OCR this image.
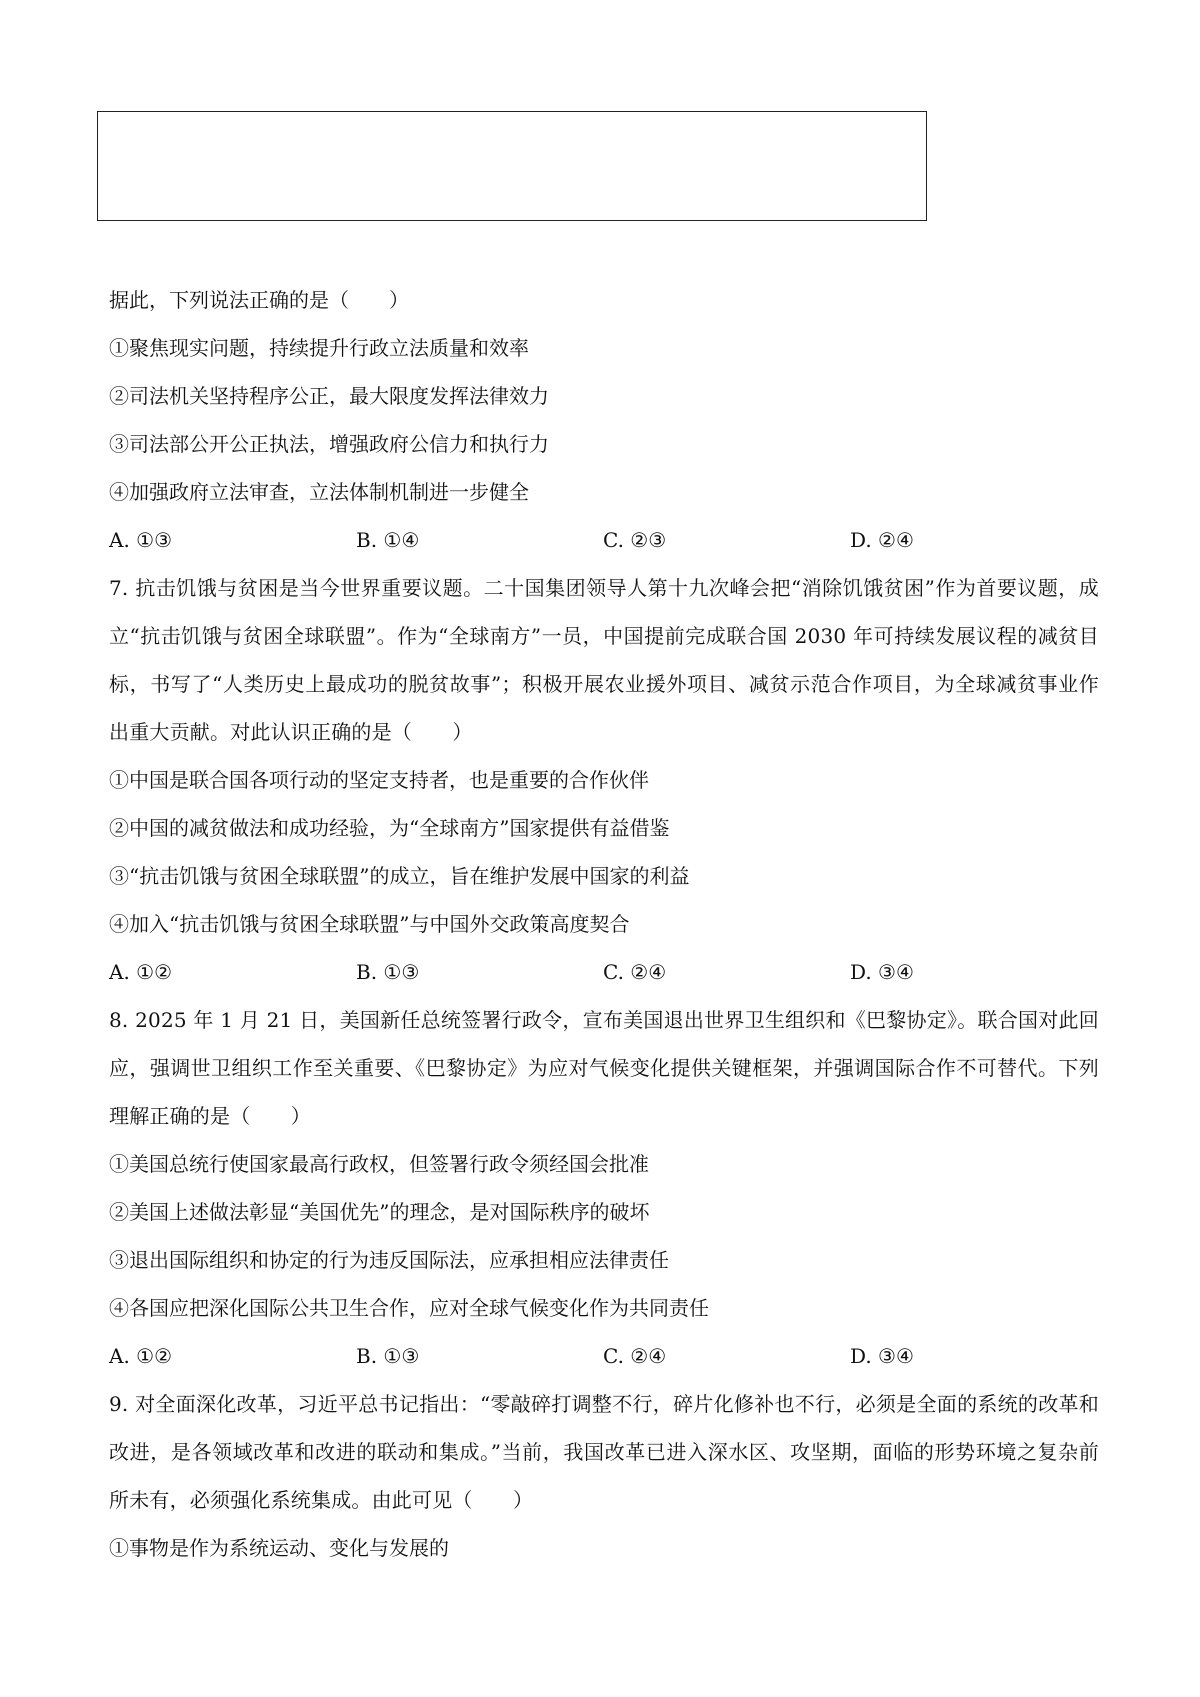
据此，下列说法正确的是（　　）
①聚焦现实问题，持续提升行政立法质量和效率
②司法机关坚持程序公正，最大限度发挥法律效力
③司法部公开公正执法，增强政府公信力和执行力
④加强政府立法审查，立法体制机制进一步健全
A. ①③	B. ①④	C. ②③	D. ②④
7. 抗击饥饿与贫困是当今世界重要议题。二十国集团领导人第十九次峰会把“消除饥饿贫困”作为首要议题，成立“抗击饥饿与贫困全球联盟”。作为“全球南方”一员，中国提前完成联合国 2030 年可持续发展议程的减贫目标，书写了“人类历史上最成功的脱贫故事”；积极开展农业援外项目、减贫示范合作项目，为全球减贫事业作出重大贡献。对此认识正确的是（　　）
①中国是联合国各项行动的坚定支持者，也是重要的合作伙伴
②中国的减贫做法和成功经验，为“全球南方”国家提供有益借鉴
③“抗击饥饿与贫困全球联盟”的成立，旨在维护发展中国家的利益
④加入“抗击饥饿与贫困全球联盟”与中国外交政策高度契合
A. ①②	B. ①③	C. ②④	D. ③④
8. 2025 年 1 月 21 日，美国新任总统签署行政令，宣布美国退出世界卫生组织和《巴黎协定》。联合国对此回应，强调世卫组织工作至关重要、《巴黎协定》为应对气候变化提供关键框架，并强调国际合作不可替代。下列理解正确的是（　　）
①美国总统行使国家最高行政权，但签署行政令须经国会批准
②美国上述做法彰显“美国优先”的理念，是对国际秩序的破坏
③退出国际组织和协定的行为违反国际法，应承担相应法律责任
④各国应把深化国际公共卫生合作，应对全球气候变化作为共同责任
A. ①②	B. ①③	C. ②④	D. ③④
9. 对全面深化改革，习近平总书记指出：“零敲碎打调整不行，碎片化修补也不行，必须是全面的系统的改革和改进，是各领域改革和改进的联动和集成。”当前，我国改革已进入深水区、攻坚期，面临的形势环境之复杂前所未有，必须强化系统集成。由此可见（　　）
①事物是作为系统运动、变化与发展的
